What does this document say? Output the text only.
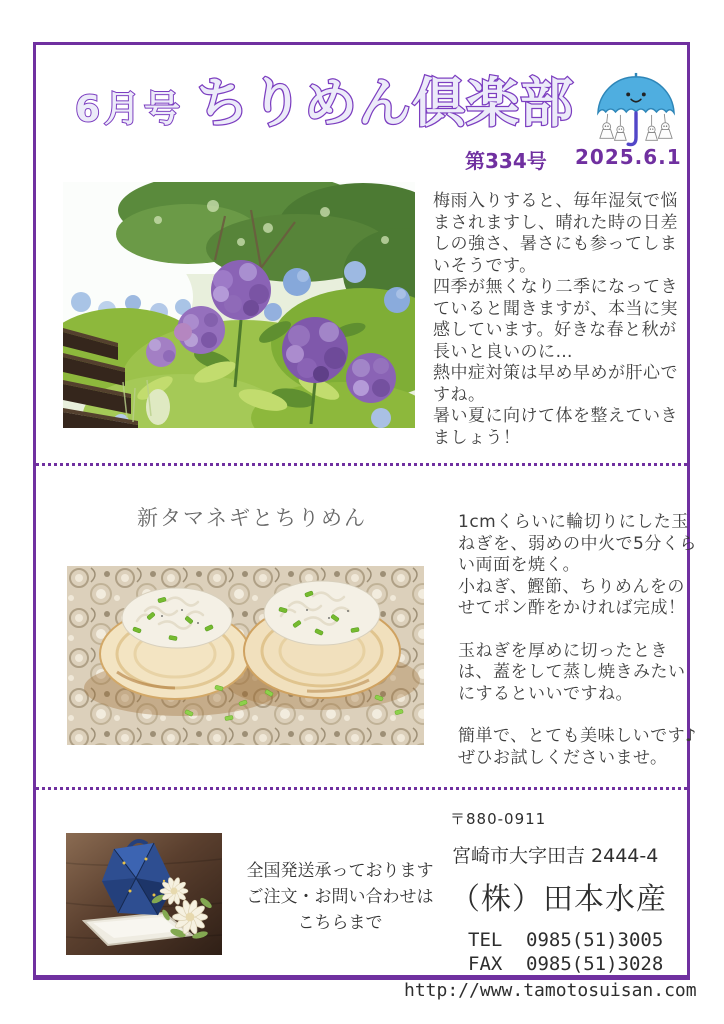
6月号 ちりめん倶楽部
第334号 2025.6.1
梅雨入りすると、毎年湿気で悩まされますし、晴れた時の日差しの強さ、暑さにも参ってしまいそうです。
四季が無くなり二季になってきていると聞きますが、本当に実感しています。好きな春と秋が長いと良いのに…
熱中症対策は早め早めが肝心ですね。
暑い夏に向けて体を整えていきましょう！
新タマネギとちりめん	1cmくらいに輪切りにした玉ねぎを、弱めの中火で5分くらい両面を焼く。
小ねぎ、鰹節、ちりめんをのせてポン酢をかければ完成！
玉ねぎを厚めに切ったときは、蓋をして蒸し焼きみたいにするといいですね。
簡単で、とても美味しいです♪
ぜひお試しくださいませ。
全国発送承っております
ご注文・お問い合わせは
こちらまで
〒880-0911
宮崎市大字田吉 2444-4
（株）田本水産
TEL 0985(51)3005
FAX 0985(51)3028
http://www.tamotosuisan.com
